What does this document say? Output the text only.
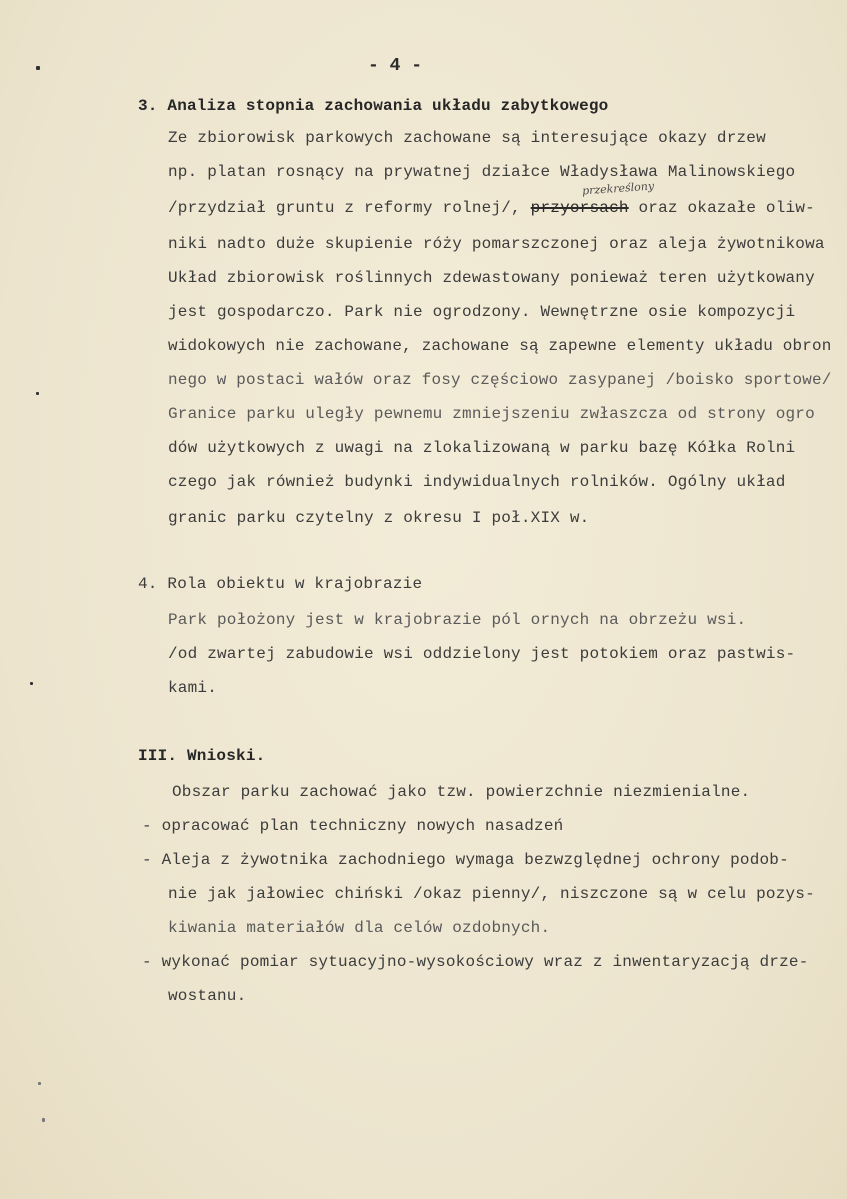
- 4 -
3. Analiza stopnia zachowania układu zabytkowego
Ze zbiorowisk parkowych zachowane są interesujące okazy drzew
np. platan rosnący na prywatnej działce Władysława Malinowskiego
przekreślony
/przydział gruntu z reformy rolnej/, przyorsach oraz okazałe oliw-
niki nadto duże skupienie róży pomarszczonej oraz aleja żywotnikowa
Układ zbiorowisk roślinnych zdewastowany ponieważ teren użytkowany
jest gospodarczo. Park nie ogrodzony. Wewnętrzne osie kompozycji
widokowych nie zachowane, zachowane są zapewne elementy układu obron
nego w postaci wałów oraz fosy częściowo zasypanej /boisko sportowe/
Granice parku uległy pewnemu zmniejszeniu zwłaszcza od strony ogro
dów użytkowych z uwagi na zlokalizowaną w parku bazę Kółka Rolni
czego jak również budynki indywidualnych rolników. Ogólny układ
granic parku czytelny z okresu I poł.XIX w.
4. Rola obiektu w krajobrazie
Park położony jest w krajobrazie pól ornych na obrzeżu wsi.
/od zwartej zabudowie wsi oddzielony jest potokiem oraz pastwis-
kami.
III. Wnioski.
Obszar parku zachować jako tzw. powierzchnie niezmienialne.
- opracować plan techniczny nowych nasadzeń
- Aleja z żywotnika zachodniego wymaga bezwzględnej ochrony podob-
nie jak jałowiec chiński /okaz pienny/, niszczone są w celu pozys-
kiwania materiałów dla celów ozdobnych.
- wykonać pomiar sytuacyjno-wysokościowy wraz z inwentaryzacją drze-
wostanu.
